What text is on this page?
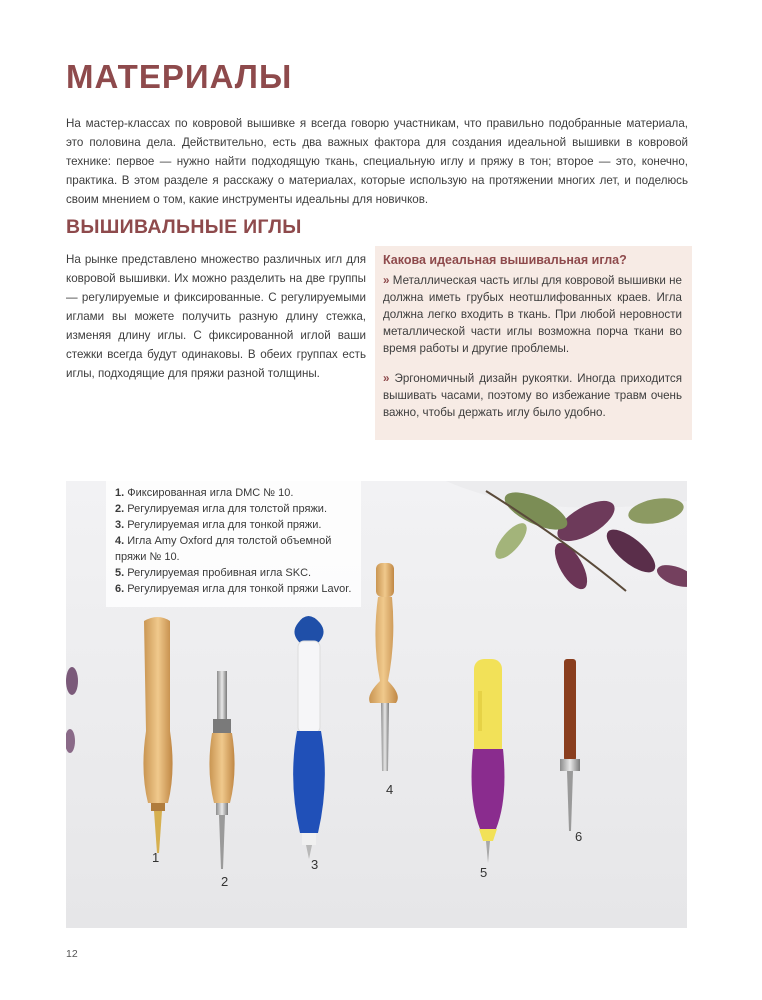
МАТЕРИАЛЫ

На мастер-классах по ковровой вышивке я всегда говорю участникам, что правильно подобранные материала, это половина дела. Действительно, есть два важных фактора для создания идеальной вышивки в ковровой технике: первое — нужно найти подходящую ткань, специальную иглу и пряжу в тон; второе — это, конечно, практика. В этом разделе я расскажу о материалах, которые использую на протяжении многих лет, и поделюсь своим мнением о том, какие инструменты идеальны для новичков.

ВЫШИВАЛЬНЫЕ ИГЛЫ

На рынке представлено множество различных игл для ковровой вышивки. Их можно разделить на две группы — регулируемые и фиксированные. С регулируемыми иглами вы можете получить разную длину стежка, изменяя длину иглы. С фиксированной иглой ваши стежки всегда будут одинаковы. В обеих группах есть иглы, подходящие для пряжи разной толщины.

Какова идеальная вышивальная игла?

» Металлическая часть иглы для ковровой вышивки не должна иметь грубых неотшлифованных краев. Игла должна легко входить в ткань. При любой неровности металлической части иглы возможна порча ткани во время работы и другие проблемы.

» Эргономичный дизайн рукоятки. Иногда приходится вышивать часами, поэтому во избежание травм очень важно, чтобы держать иглу было удобно.

1
2
3
4
5
6
1. Фиксированная игла DMC № 10.
2. Регулируемая игла для толстой пряжи.
3. Регулируемая игла для тонкой пряжи.
4. Игла Amy Oxford для толстой объемной пряжи № 10.
5. Регулируемая пробивная игла SKC.
6. Регулируемая игла для тонкой пряжи Lavor.
12
